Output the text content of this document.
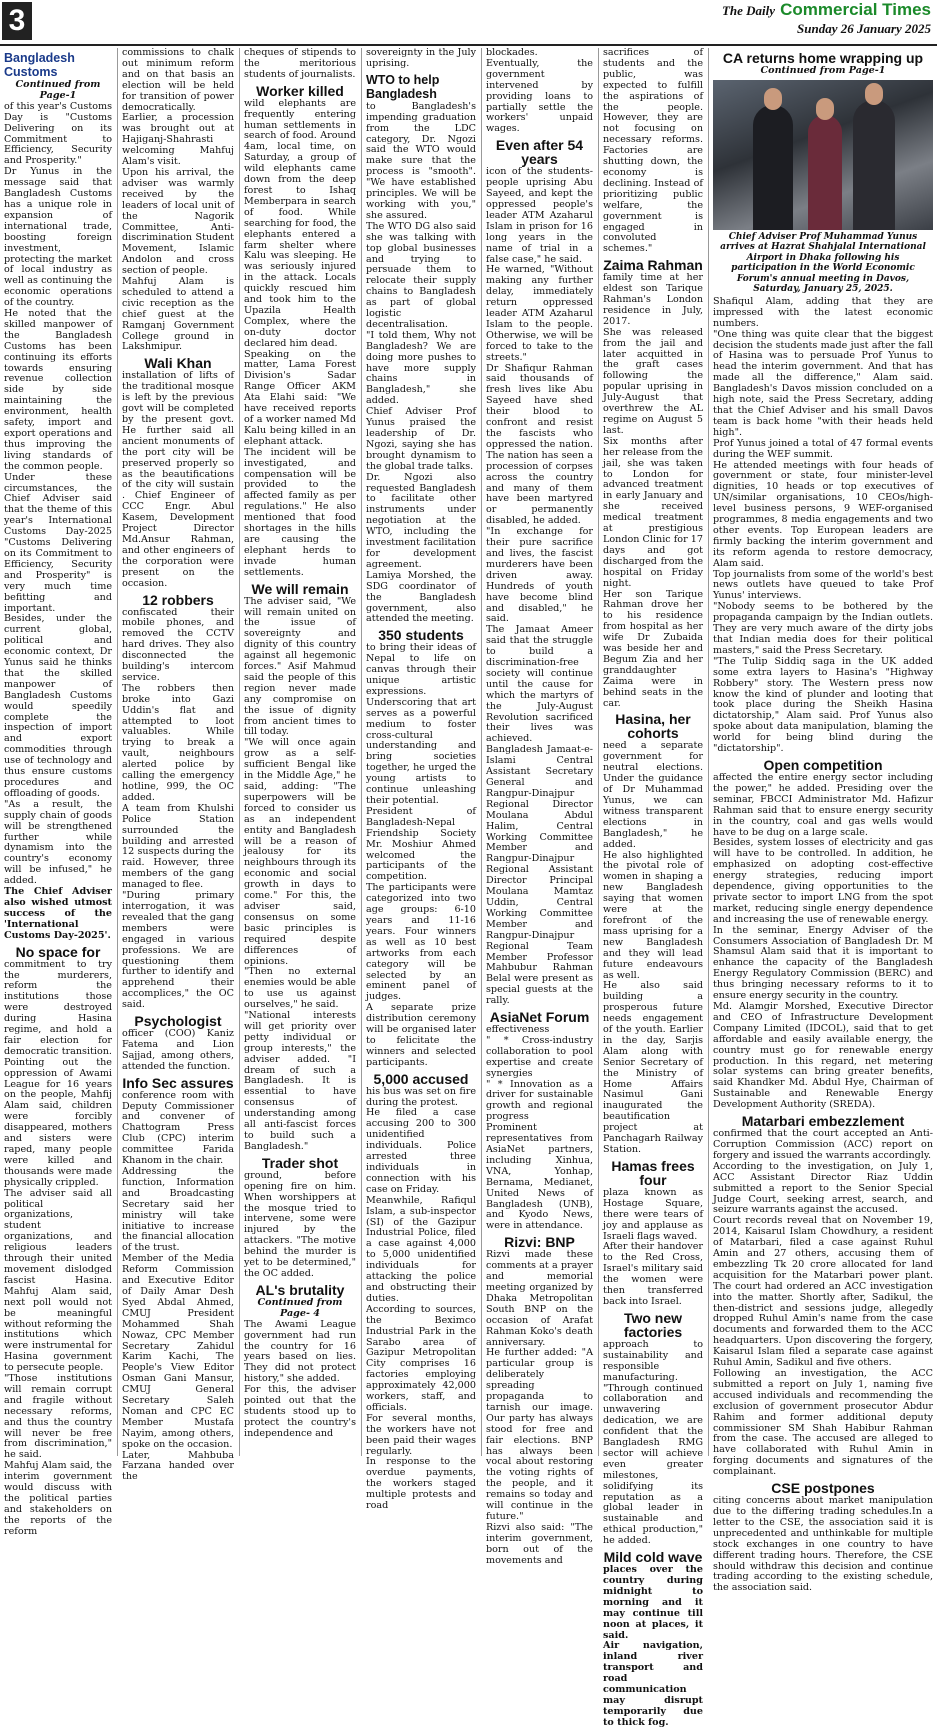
3	The Daily Commercial Times
Sunday 26 January 2025
Bangladesh Customs
Continued from Page-1

of this year's Customs Day is "Customs Delivering on its Commitment to Efficiency, Security and Prosperity."

Dr Yunus in the message said that Bangladesh Customs has a unique role in expansion of international trade, boosting foreign investment, protecting the market of local industry as well as continuing the economic operations of the country.

He noted that the skilled manpower of the Bangladesh Customs has been continuing its efforts towards ensuring revenue collection side by side maintaining the environment, health safety, import and export operations and thus improving the living standards of the common people.

Under these circumstances, the Chief Adviser said that the theme of this year's International Customs Day-2025 "Customs Delivering on its Commitment to Efficiency, Security and Prosperity" is very much time befitting and important.

Besides, under the current global, political and economic context, Dr Yunus said he thinks that the skilled manpower of Bangladesh Customs would speedily complete the inspection of import and export commodities through use of technology and thus ensure customs procedures and offloading of goods.

"As a result, the supply chain of goods will be strengthened further while dynamism into the country's economy will be infused," he added.

The Chief Adviser also wished utmost success of the 'International Customs Day-2025'.

No space for

commitment to try the murderers, reform the institutions those were destroyed during Hasina regime, and hold a fair election for democratic transition.

Pointing out the oppression of Awami League for 16 years on the people, Mahfij Alam said, children were forcibly disappeared, mothers and sisters were raped, many people were killed and thousands were made physically crippled.

The adviser said all political organizations, student organizations, and religious leaders through their united movement dislodged fascist Hasina. Mahfuj Alam said, next poll would not be meaningful without reforming the institutions which were instrumental for Hasina government to persecute people.

"Those institutions will remain corrupt and fragile without necessary reforms, and thus the country will never be free from discrimination," he said.

Mahfuj Alam said, the interim government would discuss with the political parties and stakeholders on the reports of the reform

commissions to chalk out minimum reform and on that basis an election will be held for transition of power democratically.

Earlier, a procession was brought out at Hajiganj-Shahrasti welcoming Mahfuj Alam's visit.

Upon his arrival, the adviser was warmly received by the leaders of local unit of the Nagorik Committee, Anti-discrimination Student Movement, Islamic Andolon and cross section of people.

Mahfuj Alam is scheduled to attend a civic reception as the chief guest at the Ramganj Government College ground in Lakshmipur.

Wali Khan

installation of lifts of the traditional mosque is left by the previous govt will be completed by the present govt. He further said all ancient monuments of the port city will be preserved properly so as the beautifications of the city will sustain . Chief Engineer of CCC Engr. Abul Kasem, Development Project Director Md.Ansur Rahman, and other engineers of the corporation were present on the occasion.

12 robbers

confiscated their mobile phones, and removed the CCTV hard drives. They also disconnected the building's intercom service.

The robbers then broke into Gazi Uddin's flat and attempted to loot valuables. While trying to break a vault, neighbours alerted police by calling the emergency hotline, 999, the OC added.

A team from Khulshi Police Station surrounded the building and arrested 12 suspects during the raid. However, three members of the gang managed to flee.

"During primary interrogation, it was revealed that the gang members were engaged in various professions. We are questioning them further to identify and apprehend their accomplices," the OC said.

Psychologist

officer (COO) Kaniz Fatema and Lion Sajjad, among others, attended the function.

Info Sec assures

conference room with Deputy Commissioner and convener of Chattogram Press Club (CPC) interim committee Farida Khanom in the chair.

Addressing the function, Information and Broadcasting Secretary said her ministry will take initiative to increase the financial allocation of the trust.

Member of the Media Reform Commission and Executive Editor of Daily Amar Desh Syed Abdal Ahmed, CMUJ President Mohammed Shah Nowaz, CPC Member Secretary Zahidul Karim Kachi, The People's View Editor Osman Gani Mansur, CMUJ General Secretary Saleh Noman and CPC EC Member Mustafa Nayim, among others, spoke on the occasion.

Later, Mahbuba Farzana handed over the

cheques of stipends to the meritorious students of journalists.

Worker killed

wild elephants are frequently entering human settlements in search of food. Around 4am, local time, on Saturday, a group of wild elephants came down from the deep forest to Ishaq Memberpara in search of food. While searching for food, the elephants entered a farm shelter where Kalu was sleeping. He was seriously injured in the attack. Locals quickly rescued him and took him to the Upazila Health Complex, where the on-duty doctor declared him dead.

Speaking on the matter, Lama Forest Division's Sadar Range Officer AKM Ata Elahi said: "We have received reports of a worker named Md Kalu being killed in an elephant attack.

The incident will be investigated, and compensation will be provided to the affected family as per regulations." He also mentioned that food shortages in the hills are causing the elephant herds to invade human settlements.

We will remain

The adviser said, "We will remain united on the issue of sovereignty and dignity of this country against all hegemonic forces." Asif Mahmud said the people of this region never made any compromise on the issue of dignity from ancient times to till today.

"We will once again grow as a self-sufficient Bengal like in the Middle Age," he said, adding: "The superpowers will be forced to consider us as an independent entity and Bangladesh will be a reason of jealousy for its neighbours through its economic and social growth in days to come." For this, the adviser said, consensus on some basic principles is required despite differences of opinions.

"Then no external enemies would be able to use us against ourselves," he said.

"National interests will get priority over petty individual or group interests," the adviser added. "I dream of such a Bangladesh. It is essential to have consensus of understanding among all anti-fascist forces to build such a Bangladesh."

Trader shot

ground, before opening fire on him. When worshippers at the mosque tried to intervene, some were injured by the attackers. "The motive behind the murder is yet to be determined," the OC added.

AL's brutality
Continued from Page- 4

The Awami League government had run the country for 16 years based on lies. They did not protect history," she added.

For this, the adviser pointed out that the students stood up to protect the country's independence and

sovereignty in the July uprising.

WTO to help Bangladesh

to Bangladesh's impending graduation from the LDC category, Dr. Ngozi said the WTO would make sure that the process is "smooth". "We have established principles. We will be working with you," she assured.

The WTO DG also said she was talking with top global businesses and trying to persuade them to relocate their supply chains to Bangladesh as part of global logistic decentralisation.

"I told them, Why not Bangladesh? We are doing more pushes to have more supply chains in Bangladesh," she added.

Chief Adviser Prof Yunus praised the leadership of Dr. Ngozi, saying she has brought dynamism to the global trade talks.

Dr. Ngozi also requested Bangladesh to facilitate other instruments under negotiation at the WTO, including the investment facilitation for development agreement.

Lamiya Morshed, the SDG coordinator of the Bangladesh government, also attended the meeting.

350 students

to bring their ideas of Nepal to life on canvas through their unique artistic expressions.

Underscoring that art serves as a powerful medium to foster cross-cultural understanding and bring societies together, he urged the young artists to continue unleashing their potential.

President of Bangladesh-Nepal Friendship Society Mr. Moshiur Ahmed welcomed the participants of the competition.

The participants were categorized into two age groups: 6-10 years and 11-16 years. Four winners as well as 10 best artworks from each category will be selected by an eminent panel of judges.

A separate prize distribution ceremony will be organised later to felicitate the winners and selected participants.

5,000 accused

his bus was set on fire during the protest.

He filed a case accusing 200 to 300 unidentified individuals. Police arrested three individuals in connection with his case on Friday.

Meanwhile, Rafiqul Islam, a sub-inspector (SI) of the Gazipur Industrial Police, filed a case against 4,000 to 5,000 unidentified individuals for attacking the police and obstructing their duties.

According to sources, the Beximco Industrial Park in the Sarabo area of Gazipur Metropolitan City comprises 16 factories employing approximately 42,000 workers, staff, and officials.

For several months, the workers have not been paid their wages regularly.

In response to the overdue payments, the workers staged multiple protests and road

blockades. Eventually, the government intervened by providing loans to partially settle the workers' unpaid wages.

Even after 54 years

icon of the students-people uprising Abu Sayeed, and kept the oppressed people's leader ATM Azaharul Islam in prison for 16 long years in the name of trial in a false case," he said.

He warned, "Without making any further delay, immediately return oppressed leader ATM Azaharul Islam to the people. Otherwise, we will be forced to take to the streets."

Dr Shafiqur Rahman said thousands of fresh lives like Abu Sayeed have shed their blood to confront and resist the fascists who oppressed the nation. The nation has seen a procession of corpses across the country and many of them have been martyred or permanently disabled, he added.

"In exchange for their pure sacrifice and lives, the fascist murderers have been driven away. Hundreds of youth have become blind and disabled," he said.

The Jamaat Ameer said that the struggle to build a discrimination-free society will continue until the cause for which the martyrs of the July-August Revolution sacrificed their lives was achieved.

Bangladesh Jamaat-e-Islami Central Assistant Secretary General and Rangpur-Dinajpur Regional Director Moulana Abdul Halim, Central Working Committee Member and Rangpur-Dinajpur Regional Assistant Director Principal Moulana Mamtaz Uddin, Central Working Committee Member and Rangpur-Dinajpur Regional Team Member Professor Mahbubur Rahman Belal were present as special guests at the rally.

AsiaNet Forum

effectiveness

" * Cross-industry collaboration to pool expertise and create synergies

" * Innovation as a driver for sustainable growth and regional progress

Prominent representatives from AsiaNet partners, including Xinhua, VNA, Yonhap, Bernama, Medianet, United News of Bangladesh (UNB), and Kyodo News, were in attendance.

Rizvi: BNP

Rizvi made these comments at a prayer and memorial meeting organized by Dhaka Metropolitan South BNP on the occasion of Arafat Rahman Koko's death anniversary.

He further added: "A particular group is deliberately spreading propaganda to tarnish our image. Our party has always stood for free and fair elections. BNP has always been vocal about restoring the voting rights of the people, and it remains so today and will continue in the future."

Rizvi also said: "The interim government, born out of the movements and

sacrifices of students and the public, was expected to fulfill the aspirations of the people. However, they are not focusing on necessary reforms. Factories are shutting down, the economy is declining. Instead of prioritizing public welfare, the government is engaged in convoluted schemes."

Zaima Rahman

family time at her eldest son Tarique Rahman's London residence in July, 2017.

She was released from the jail and later acquitted in the graft cases following the popular uprising in July-August that overthrew the AL regime on August 5 last.

Six months after her release from the jail, she was taken to London for advanced treatment in early January and she received medical treatment at prestigious London Clinic for 17 days and got discharged from the hospital on Friday night.

Her son Tarique Rahman drove her to his residence from hospital as her wife Dr Zubaida was beside her and Begum Zia and her granddaughter Zaima were in behind seats in the car.

Hasina, her cohorts

need a separate government for neutral elections. Under the guidance of Dr Muhammad Yunus, we can witness transparent elections in Bangladesh," he added.

He also highlighted the pivotal role of women in shaping a new Bangladesh saying that women were at the forefront of the mass uprising for a new Bangladesh and they will lead future endeavours as well.

He also said building a prosperous future needs engagement of the youth. Earlier in the day, Sarjis Alam along with Senior Secretary of the Ministry of Home Affairs Nasimul Gani inaugurated the beautification project at Panchagarh Railway Station.

Hamas frees four

plaza known as Hostage Square, there were tears of joy and applause as Israeli flags waved.

After their handover to the Red Cross, Israel's military said the women were then transferred back into Israel.

Two new factories

approach to sustainability and responsible manufacturing.

"Through continued collaboration and unwavering dedication, we are confident that the Bangladesh RMG sector will achieve even greater milestones, solidifying its reputation as a global leader in sustainable and ethical production," he added.

Mild cold wave

places over the country during midnight to morning and it may continue till noon at places, it said.

Air navigation, inland river transport and road communication may disrupt temporarily due to thick fog.

CA returns home wrapping up
Continued from Page-1
Chief Adviser Prof Muhammad Yunus arrives at Hazrat Shahjalal International Airport in Dhaka following his participation in the World Economic Forum's annual meeting in Davos, Saturday, January 25, 2025.

Shafiqul Alam, adding that they are impressed with the latest economic numbers.

"One thing was quite clear that the biggest decision the students made just after the fall of Hasina was to persuade Prof Yunus to head the interim government. And that has made all the difference," Alam said. Bangladesh's Davos mission concluded on a high note, said the Press Secretary, adding that the Chief Adviser and his small Davos team is back home "with their heads held high".

Prof Yunus joined a total of 47 formal events during the WEF summit.

He attended meetings with four heads of government or state, four minister-level dignities, 10 heads or top executives of UN/similar organisations, 10 CEOs/high-level business persons, 9 WEF-organised programmes, 8 media engagements and two other events. Top European leaders are firmly backing the interim government and its reform agenda to restore democracy, Alam said.

Top journalists from some of the world's best news outlets have queued to take Prof Yunus' interviews.

"Nobody seems to be bothered by the propaganda campaign by the Indian outlets. They are very much aware of the dirty jobs that Indian media does for their political masters," said the Press Secretary.

"The Tulip Siddiq saga in the UK added some extra layers to Hasina's "Highway Robbery" story. The Western press now know the kind of plunder and looting that took place during the Sheikh Hasina dictatorship," Alam said. Prof Yunus also spoke about data manipulation, blaming the world for being blind during the "dictatorship".

Open competition

affected the entire energy sector including the power," he added. Presiding over the seminar, FBCCI Administrator Md. Hafizur Rahman said that to ensure energy security in the country, coal and gas wells would have to be dug on a large scale.

Besides, system losses of electricity and gas will have to be controlled. In addition, he emphasized on adopting cost-effective energy strategies, reducing import dependence, giving opportunities to the private sector to import LNG from the spot market, reducing single energy dependence and increasing the use of renewable energy.

In the seminar, Energy Adviser of the Consumers Association of Bangladesh Dr. M Shamsul Alam said that it is important to enhance the capacity of the Bangladesh Energy Regulatory Commission (BERC) and thus bringing necessary reforms to it to ensure energy security in the country.

Md. Alamgir Morshed, Executive Director and CEO of Infrastructure Development Company Limited (IDCOL), said that to get affordable and easily available energy, the country must go for renewable energy production. In this regard, net metering solar systems can bring greater benefits, said Khandker Md. Abdul Hye, Chairman of Sustainable and Renewable Energy Development Authority (SREDA).

Matarbari embezzlement

confirmed that the court accepted an Anti-Corruption Commission (ACC) report on forgery and issued the warrants accordingly.

According to the investigation, on July 1, ACC Assistant Director Riaz Uddin submitted a report to the Senior Special Judge Court, seeking arrest, search, and seizure warrants against the accused.

Court records reveal that on November 19, 2014, Kaisarul Islam Chowdhury, a resident of Matarbari, filed a case against Ruhul Amin and 27 others, accusing them of embezzling Tk 20 crore allocated for land acquisition for the Matarbari power plant. The court had ordered an ACC investigation into the matter. Shortly after, Sadikul, the then-district and sessions judge, allegedly dropped Ruhul Amin's name from the case documents and forwarded them to the ACC headquarters. Upon discovering the forgery, Kaisarul Islam filed a separate case against Ruhul Amin, Sadikul and five others.

Following an investigation, the ACC submitted a report on July 1, naming five accused individuals and recommending the exclusion of government prosecutor Abdur Rahim and former additional deputy commissioner SM Shah Habibur Rahman from the case. The accused are alleged to have collaborated with Ruhul Amin in forging documents and signatures of the complainant.

CSE postpones

citing concerns about market manipulation due to the differing trading schedules.In a letter to the CSE, the association said it is unprecedented and unthinkable for multiple stock exchanges in one country to have different trading hours. Therefore, the CSE should withdraw this decision and continue trading according to the existing schedule, the association said.
